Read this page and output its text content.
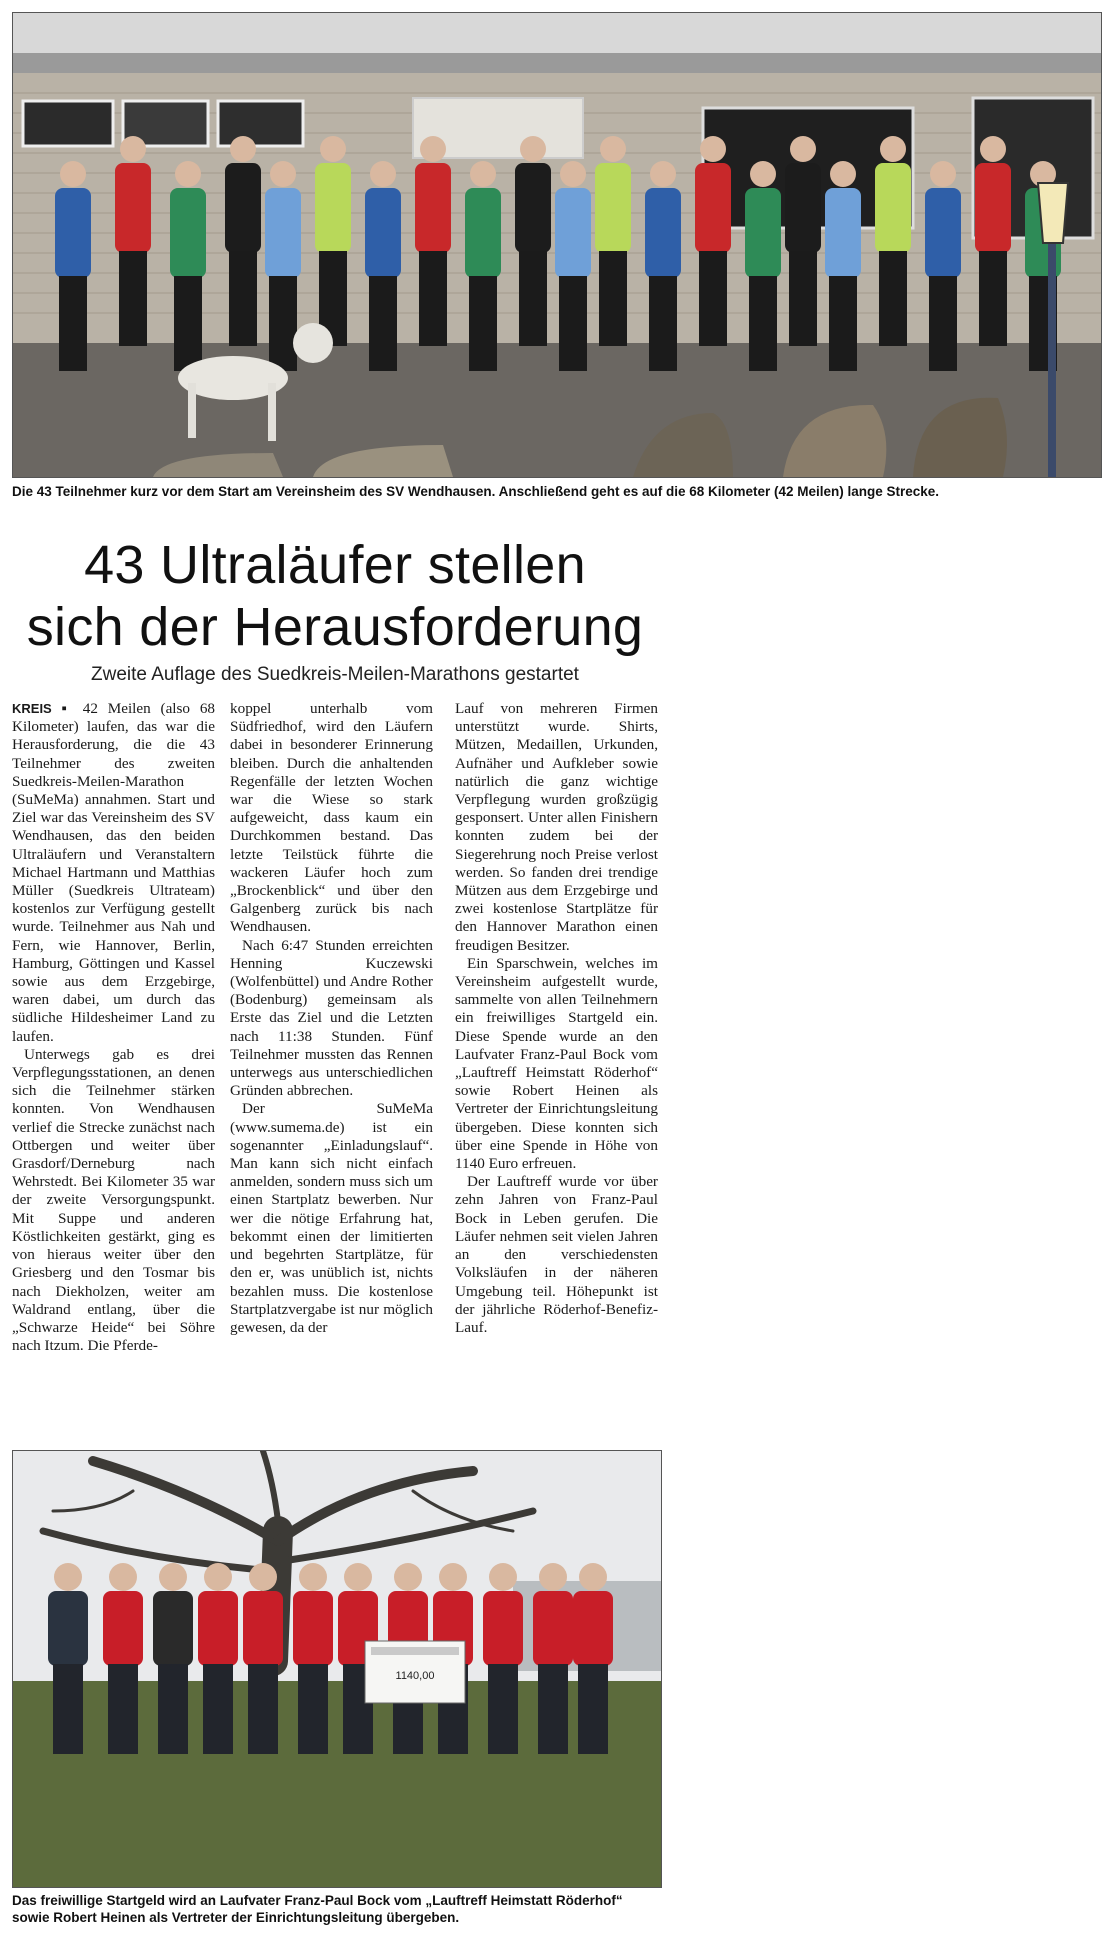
Die 43 Teilnehmer kurz vor dem Start am Vereinsheim des SV Wendhausen. Anschließend geht es auf die 68 Kilometer (42 Meilen) lange Strecke.
43 Ultraläufer stellen
sich der Herausforderung
Zweite Auflage des Suedkreis-Meilen-Marathons gestartet

KREIS ▪ 42 Meilen (also 68 Kilometer) laufen, das war die Herausforderung, die die 43 Teilnehmer des zweiten Suedkreis-Meilen-Marathon (SuMeMa) annahmen. Start und Ziel war das Vereinsheim des SV Wendhausen, das den beiden Ultraläufern und Veranstaltern Michael Hartmann und Matthias Müller (Suedkreis Ultrateam) kostenlos zur Verfügung gestellt wurde. Teilnehmer aus Nah und Fern, wie Hannover, Berlin, Hamburg, Göttingen und Kassel sowie aus dem Erzgebirge, waren dabei, um durch das südliche Hildesheimer Land zu laufen.

Unterwegs gab es drei Verpflegungsstationen, an denen sich die Teilnehmer stärken konnten. Von Wendhausen verlief die Strecke zunächst nach Ottbergen und weiter über Grasdorf/Derneburg nach Wehrstedt. Bei Kilometer 35 war der zweite Versorgungspunkt. Mit Suppe und anderen Köstlichkeiten gestärkt, ging es von hieraus weiter über den Griesberg und den Tosmar bis nach Diekholzen, weiter am Waldrand entlang, über die „Schwarze Heide“ bei Söhre nach Itzum. Die Pferde-

koppel unterhalb vom Südfriedhof, wird den Läufern dabei in besonderer Erinnerung bleiben. Durch die anhaltenden Regenfälle der letzten Wochen war die Wiese so stark aufgeweicht, dass kaum ein Durchkommen bestand. Das letzte Teilstück führte die wackeren Läufer hoch zum „Brockenblick“ und über den Galgenberg zurück bis nach Wendhausen.

Nach 6:47 Stunden erreichten Henning Kuczewski (Wolfenbüttel) und Andre Rother (Bodenburg) gemeinsam als Erste das Ziel und die Letzten nach 11:38 Stunden. Fünf Teilnehmer mussten das Rennen unterwegs aus unterschiedlichen Gründen abbrechen.

Der SuMeMa (www.sumema.de) ist ein sogenannter „Einladungslauf“. Man kann sich nicht einfach anmelden, sondern muss sich um einen Startplatz bewerben. Nur wer die nötige Erfahrung hat, bekommt einen der limitierten und begehrten Startplätze, für den er, was unüblich ist, nichts bezahlen muss. Die kostenlose Startplatzvergabe ist nur möglich gewesen, da der

Lauf von mehreren Firmen unterstützt wurde. Shirts, Mützen, Medaillen, Urkunden, Aufnäher und Aufkleber sowie natürlich die ganz wichtige Verpflegung wurden großzügig gesponsert. Unter allen Finishern konnten zudem bei der Siegerehrung noch Preise verlost werden. So fanden drei trendige Mützen aus dem Erzgebirge und zwei kostenlose Startplätze für den Hannover Marathon einen freudigen Besitzer.

Ein Sparschwein, welches im Vereinsheim aufgestellt wurde, sammelte von allen Teilnehmern ein freiwilliges Startgeld ein. Diese Spende wurde an den Laufvater Franz-Paul Bock vom „Lauftreff Heimstatt Röderhof“ sowie Robert Heinen als Vertreter der Einrichtungsleitung übergeben. Diese konnten sich über eine Spende in Höhe von 1140 Euro erfreuen.

Der Lauftreff wurde vor über zehn Jahren von Franz-Paul Bock in Leben gerufen. Die Läufer nehmen seit vielen Jahren an den verschiedensten Volksläufen in der näheren Umgebung teil. Höhepunkt ist der jährliche Röderhof-Benefiz-Lauf.

1140,00
Das freiwillige Startgeld wird an Laufvater Franz-Paul Bock vom „Lauftreff Heimstatt Röderhof“
sowie Robert Heinen als Vertreter der Einrichtungsleitung übergeben.
